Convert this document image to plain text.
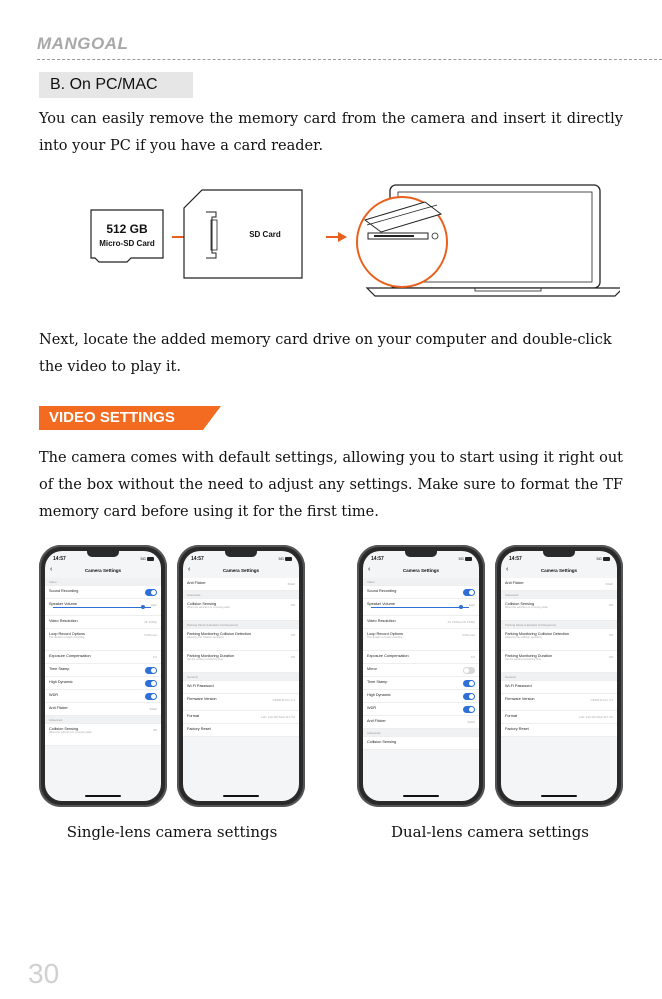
MANGOAL
B. On PC/MAC
You can easily remove the memory card from the camera and insert it directly into your PC if you have a card reader.
512 GB
Micro-SD Card
SD Card
Next, locate the added memory card drive on your computer and double-click the video to play it.
VIDEO SETTINGS
The camera comes with default settings, allowing you to start using it right out of the box without the need to adjust any settings. Make sure to format the TF memory card before using it for the first time.
14:57	5G
‹	Camera Settings
Video
Sound Recording
Speaker Volume	High
Video Resolution	4K 2160p
Loop Record Options
The duration of each recording
3 Minutes
Exposure Compensation	0.0
Time Stamp
High Dynamic
WDR
Anti Flicker	60HZ
Advanced
Collision Sensing
When the vehicle is in a moving state
Off
14:57	5G
‹	Camera Settings
Anti Flicker	60HZ
Advanced
Collision Sensing
When the vehicle is in a moving state
Off
Parking Mode (Hardwire Kit Required)
Parking Monitoring Collision Detection
Adjusting the collision sensitivity
Off
Parking Monitoring Duration
Set the parking monitoring time
Off
General
Wi-Fi Password
Firmware Version	C6400 R-Pro 4.1
Format	Left: 114.1G/Total 117.7G
Factory Reset
14:57	5G
‹	Camera Settings
Video
Sound Recording
Speaker Volume	High
Video Resolution	4K 2160p+2K 1440p
Loop Record Options
The duration of each recording
3 Minutes
Exposure Compensation	0.0
Mirror
Time Stamp
High Dynamic
WDR
Anti Flicker	60HZ
Advanced
Collision Sensing
14:57	5G
‹	Camera Settings
Anti Flicker	60HZ
Advanced
Collision Sensing
When the vehicle is in a moving state
Off
Parking Mode (Hardwire Kit Required)
Parking Monitoring Collision Detection
Adjusting the collision sensitivity
Off
Parking Monitoring Duration
Set the parking monitoring time
Off
General
Wi-Fi Password
Firmware Version	C6400 R-Pro 4.1
Format	Left: 114.1G/Total 117.7G
Factory Reset
Single-lens camera settings	Dual-lens camera settings
30
